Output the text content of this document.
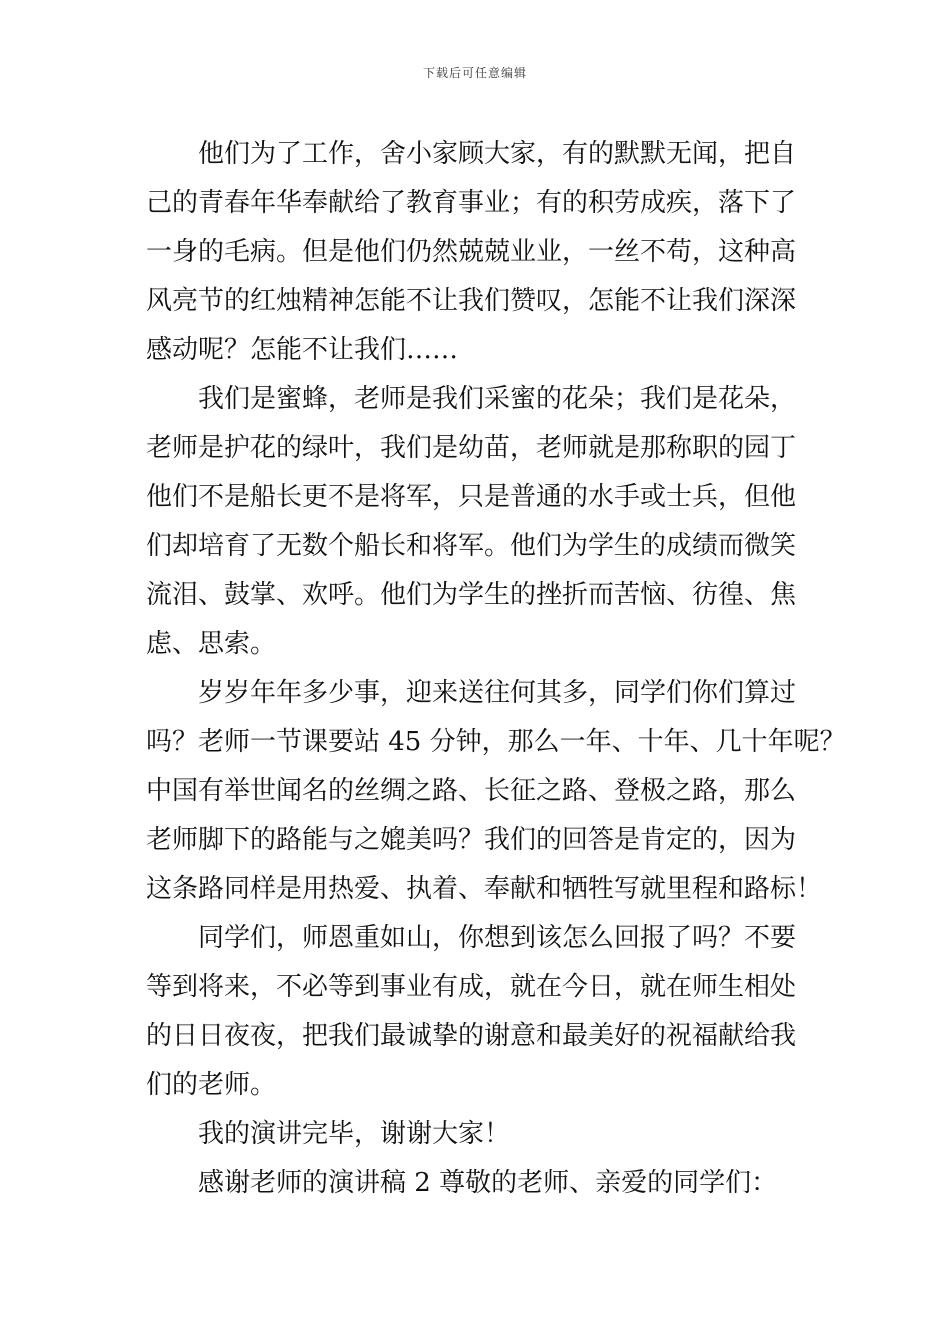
下载后可任意编辑
他们为了工作，舍小家顾大家，有的默默无闻，把自
己的青春年华奉献给了教育事业；有的积劳成疾，落下了
一身的毛病。但是他们仍然兢兢业业，一丝不苟，这种高
风亮节的红烛精神怎能不让我们赞叹，怎能不让我们深深
感动呢？怎能不让我们……
我们是蜜蜂，老师是我们采蜜的花朵；我们是花朵，
老师是护花的绿叶，我们是幼苗，老师就是那称职的园丁
他们不是船长更不是将军，只是普通的水手或士兵，但他
们却培育了无数个船长和将军。他们为学生的成绩而微笑
流泪、鼓掌、欢呼。他们为学生的挫折而苦恼、彷徨、焦
虑、思索。
岁岁年年多少事，迎来送往何其多，同学们你们算过
吗？老师一节课要站 45 分钟，那么一年、十年、几十年呢？
中国有举世闻名的丝绸之路、长征之路、登极之路，那么
老师脚下的路能与之媲美吗？我们的回答是肯定的，因为
这条路同样是用热爱、执着、奉献和牺牲写就里程和路标！
同学们，师恩重如山，你想到该怎么回报了吗？不要
等到将来，不必等到事业有成，就在今日，就在师生相处
的日日夜夜，把我们最诚挚的谢意和最美好的祝福献给我
们的老师。
我的演讲完毕，谢谢大家！
感谢老师的演讲稿 2 尊敬的老师、亲爱的同学们：
